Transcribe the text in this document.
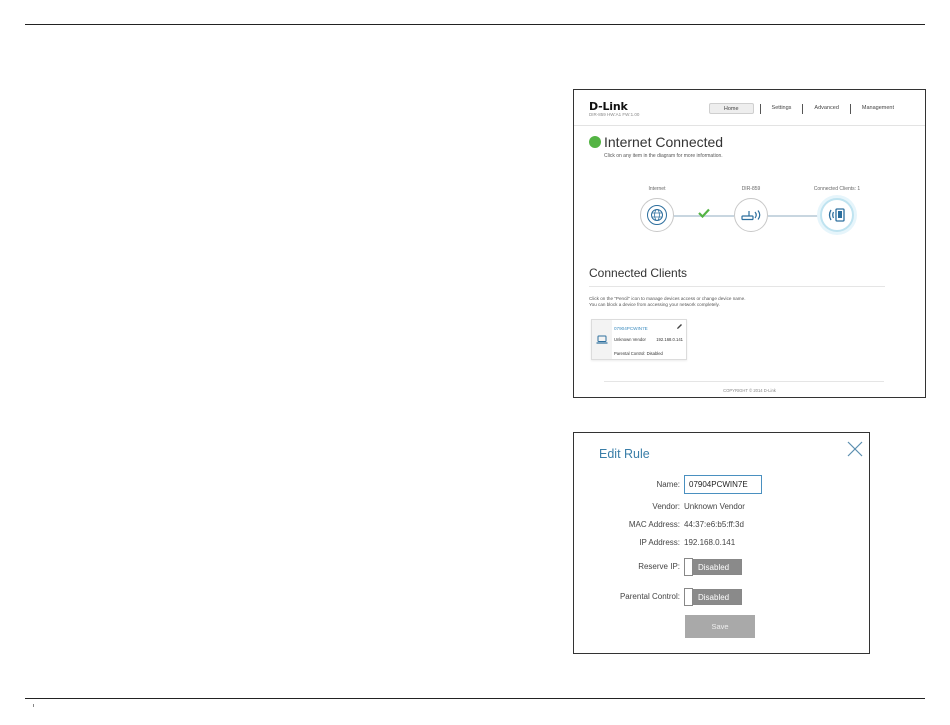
D-Link
DIR-859 HW:A1 FW:1.00
Home	Settings	Advanced	Management
Internet Connected
Click on any item in the diagram for more information.
Internet	DIR-859	Connected Clients: 1
Connected Clients
Click on the "Pencil" icon to manage devices access or change device name.
You can block a device from accessing your network completely.
07904PCWIN7E
Unknown Vendor 192.168.0.141
Parental Control: Disabled
COPYRIGHT © 2014 D-Link
Edit Rule
Name:
07904PCWIN7E
Vendor: Unknown Vendor
MAC Address: 44:37:e6:b5:ff:3d
IP Address: 192.168.0.141
Reserve IP: Disabled
Parental Control: Disabled
Save
